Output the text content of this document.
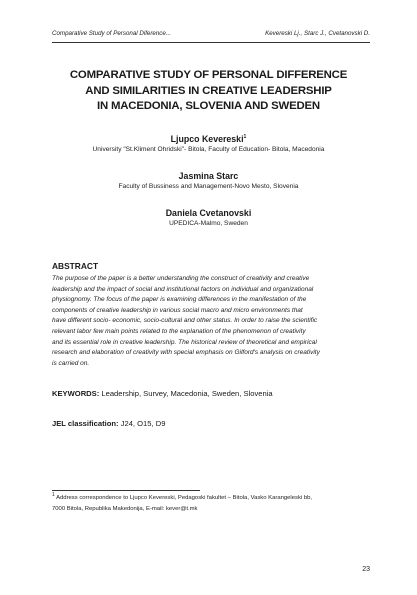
Comparative Study of Personal Diference...	Kevereski Lj., Starc J., Cvetanovski D.
COMPARATIVE STUDY OF PERSONAL DIFFERENCE
AND SIMILARITIES IN CREATIVE LEADERSHIP
IN MACEDONIA, SLOVENIA AND SWEDEN
Ljupco Kevereski$^1$
University "St.Kliment Ohridski"- Bitola, Faculty of Education- Bitola, Macedonia
Jasmina Starc
Faculty of Bussiness and Management-Novo Mesto, Slovenia
Daniela Cvetanovski
UPEDICA-Malmo, Sweden
ABSTRACT
The purpose of the paper is a better understanding the construct of creativity and creative
leadership and the impact of social and institutional factors on individual and organizational
physiognomy. The focus of the paper is examining differences in the manifestation of the
components of creative leadership in various social macro and micro environments that
have different socio- economic, socio-cultural and other status. In order to raise the scientific
relevant labor few main points related to the explanation of the phenomenon of creativity
and its essential role in creative leadership. The historical review of theoretical and empirical
research and elaboration of creativity with special emphasis on Gilford's analysis on creativity
is carried on.
KEYWORDS: Leadership, Survey, Macedonia, Sweden, Slovenia
JEL classification: J24, O15, D9
$^1$ Address correspondence to Ljupco Kevereski, Pedagoski fakultet – Bitola, Vasko Karangeleski bb,
7000 Bitola, Republika Makedonija, E-mail: kever@t.mk
23
